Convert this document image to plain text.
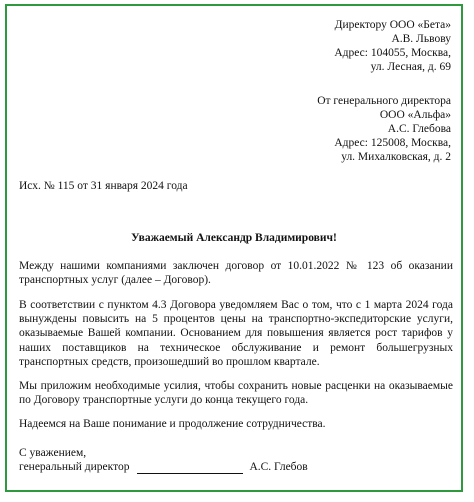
Директору ООО «Бета»
А.В. Львову
Адрес: 104055, Москва,
ул. Лесная, д. 69
От генерального директора
ООО «Альфа»
А.С. Глебова
Адрес: 125008, Москва,
ул. Михалковская, д. 2
Исх. № 115 от 31 января 2024 года
Уважаемый Александр Владимирович!
Между нашими компаниями заключен договор от 10.01.2022 № 123 об оказании транспортных услуг (далее – Договор).
В соответствии с пунктом 4.3 Договора уведомляем Вас о том, что с 1 марта 2024 года вынуждены повысить на 5 процентов цены на транспортно-экспедиторские услуги, оказываемые Вашей компании. Основанием для повышения является рост тарифов у наших поставщиков на техническое обслуживание и ремонт большегрузных транспортных средств, произошедший во прошлом квартале.
Мы приложим необходимые усилия, чтобы сохранить новые расценки на оказываемые по Договору транспортные услуги до конца текущего года.
Надеемся на Ваше понимание и продолжение сотрудничества.
С уважением,
генеральный директор	А.С. Глебов
